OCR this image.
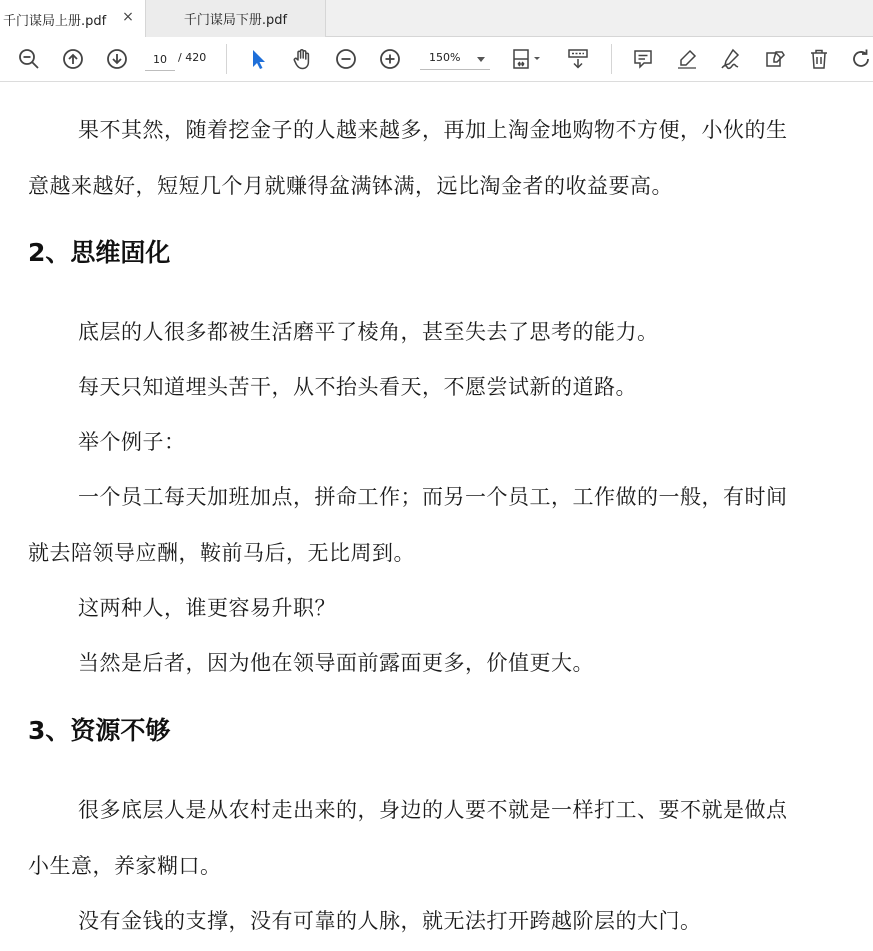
千门谋局上册.pdf ×	千门谋局下册.pdf
10
/ 420	150%

果不其然，随着挖金子的人越来越多，再加上淘金地购物不方便，小伙的生

意越来越好，短短几个月就赚得盆满钵满，远比淘金者的收益要高。

2、思维固化

底层的人很多都被生活磨平了棱角，甚至失去了思考的能力。

每天只知道埋头苦干，从不抬头看天，不愿尝试新的道路。

举个例子：

一个员工每天加班加点，拼命工作；而另一个员工，工作做的一般，有时间

就去陪领导应酬，鞍前马后，无比周到。

这两种人，谁更容易升职？

当然是后者，因为他在领导面前露面更多，价值更大。

3、资源不够

很多底层人是从农村走出来的，身边的人要不就是一样打工、要不就是做点

小生意，养家糊口。

没有金钱的支撑，没有可靠的人脉，就无法打开跨越阶层的大门。
